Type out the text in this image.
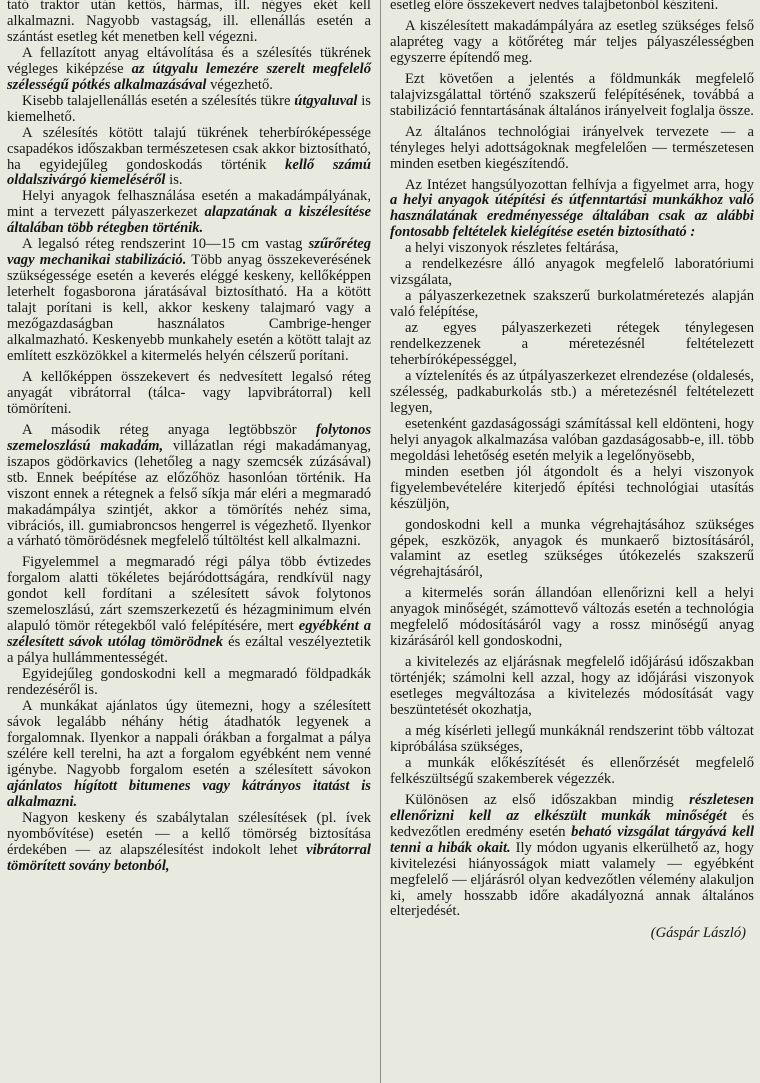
tató traktor után kettős, hármas, ill. négyes ekét kell alkalmazni. Nagyobb vastagság, ill. ellenállás esetén a szántást esetleg két menetben kell végezni.

A fellazított anyag eltávolítása és a szélesítés tükrének végleges kiképzése az útgyalu lemezére szerelt megfelelő szélességű pótkés alkalmazásával végezhető.

Kisebb talajellenállás esetén a szélesítés tükre útgyaluval is kiemelhető.

A szélesítés kötött talajú tükrének teherbíróképessége csapadékos időszakban természetesen csak akkor biztosítható, ha egyidejűleg gondoskodás történik kellő számú oldalszivárgó kiemeléséről is.

Helyi anyagok felhasználása esetén a makadámpályának, mint a tervezett pályaszerkezet alapzatának a kiszélesítése általában több rétegben történik.

A legalsó réteg rendszerint 10—15 cm vastag szűrőréteg vagy mechanikai stabilizáció. Több anyag összekeverésének szükségessége esetén a keverés eléggé keskeny, kellőképpen leterhelt fogasborona járatásával biztosítható. Ha a kötött talajt porítani is kell, akkor keskeny talajmaró vagy a mezőgazdaságban használatos Cambrige-henger alkalmazható. Keskenyebb munkahely esetén a kötött talajt az említett eszközökkel a kitermelés helyén célszerű porítani.

A kellőképpen összekevert és nedvesített legalsó réteg anyagát vibrátorral (tálca- vagy lapvibrátorral) kell tömöríteni.

A második réteg anyaga legtöbbször folytonos szemeloszlású makadám, villázatlan régi makadámanyag, iszapos gödörkavics (lehetőleg a nagy szemcsék zúzásával) stb. Ennek beépítése az előzőhöz hasonlóan történik. Ha viszont ennek a rétegnek a felső síkja már eléri a megmaradó makadámpálya szintjét, akkor a tömörítés nehéz sima, vibrációs, ill. gumiabroncsos hengerrel is végezhető. Ilyenkor a várható tömörödésnek megfelelő túltöltést kell alkalmazni.

Figyelemmel a megmaradó régi pálya több évtizedes forgalom alatti tökéletes bejáródottságára, rendkívül nagy gondot kell fordítani a szélesített sávok folytonos szemeloszlású, zárt szemszerkezetű és hézagminimum elvén alapuló tömör rétegekből való felépítésére, mert egyébként a szélesített sávok utólag tömörödnek és ezáltal veszélyeztetik a pálya hullámmentességét.

Egyidejűleg gondoskodni kell a megmaradó földpadkák rendezéséről is.

A munkákat ajánlatos úgy ütemezni, hogy a szélesített sávok legalább néhány hétig átadhatók legyenek a forgalomnak. Ilyenkor a nappali órákban a forgalmat a pálya szélére kell terelni, ha azt a forgalom egyébként nem venné igénybe. Nagyobb forgalom esetén a szélesített sávokon ajánlatos hígított bitumenes vagy kátrányos itatást is alkalmazni.

Nagyon keskeny és szabálytalan szélesítések (pl. ívek nyombővítése) esetén — a kellő tömörség biztosítása érdekében — az alapszélesítést indokolt lehet vibrátorral tömörített sovány betonból,

esetleg előre összekevert nedves talajbetonból készíteni.

A kiszélesített makadámpályára az esetleg szükséges felső alapréteg vagy a kötőréteg már teljes pályaszélességben egyszerre építendő meg.

Ezt követően a jelentés a földmunkák megfelelő talajvizsgálattal történő szakszerű felépítésének, továbbá a stabilizáció fenntartásának általános irányelveit foglalja össze.

Az általános technológiai irányelvek tervezete — a tényleges helyi adottságoknak megfelelően — természetesen minden esetben kiegészítendő.

Az Intézet hangsúlyozottan felhívja a figyelmet arra, hogy a helyi anyagok útépítési és útfenntartási munkákhoz való használatának eredményessége általában csak az alábbi fontosabb feltételek kielégítése esetén biztosítható :

a helyi viszonyok részletes feltárása,

a rendelkezésre álló anyagok megfelelő laboratóriumi vizsgálata,

a pályaszerkezetnek szakszerű burkolatméretezés alapján való felépítése,

az egyes pályaszerkezeti rétegek ténylegesen rendelkezzenek a méretezésnél feltételezett teherbíróképességgel,

a víztelenítés és az útpályaszerkezet elrendezése (oldalesés, szélesség, padkaburkolás stb.) a méretezésnél feltételezett legyen,

esetenként gazdaságossági számítással kell eldönteni, hogy helyi anyagok alkalmazása valóban gazdaságosabb-e, ill. több megoldási lehetőség esetén melyik a legelőnyösebb,

minden esetben jól átgondolt és a helyi viszonyok figyelembevételére kiterjedő építési technológiai utasítás készüljön,

gondoskodni kell a munka végrehajtásához szükséges gépek, eszközök, anyagok és munkaerő biztosításáról, valamint az esetleg szükséges útókezelés szakszerű végrehajtásáról,

a kitermelés során állandóan ellenőrizni kell a helyi anyagok minőségét, számottevő változás esetén a technológia megfelelő módosításáról vagy a rossz minőségű anyag kizárásáról kell gondoskodni,

a kivitelezés az eljárásnak megfelelő időjárású időszakban történjék; számolni kell azzal, hogy az időjárási viszonyok esetleges megváltozása a kivitelezés módosítását vagy beszüntetését okozhatja,

a még kísérleti jellegű munkáknál rendszerint több változat kipróbálása szükséges,

a munkák előkészítését és ellenőrzését megfelelő felkészültségű szakemberek végezzék.

Különösen az első időszakban mindig részletesen ellenőrizni kell az elkészült munkák minőségét és kedvezőtlen eredmény esetén beható vizsgálat tárgyává kell tenni a hibák okait. Ily módon ugyanis elkerülhető az, hogy kivitelezési hiányosságok miatt valamely — egyébként megfelelő — eljárásról olyan kedvezőtlen vélemény alakuljon ki, amely hosszabb időre akadályozná annak általános elterjedését.

(Gáspár László)
